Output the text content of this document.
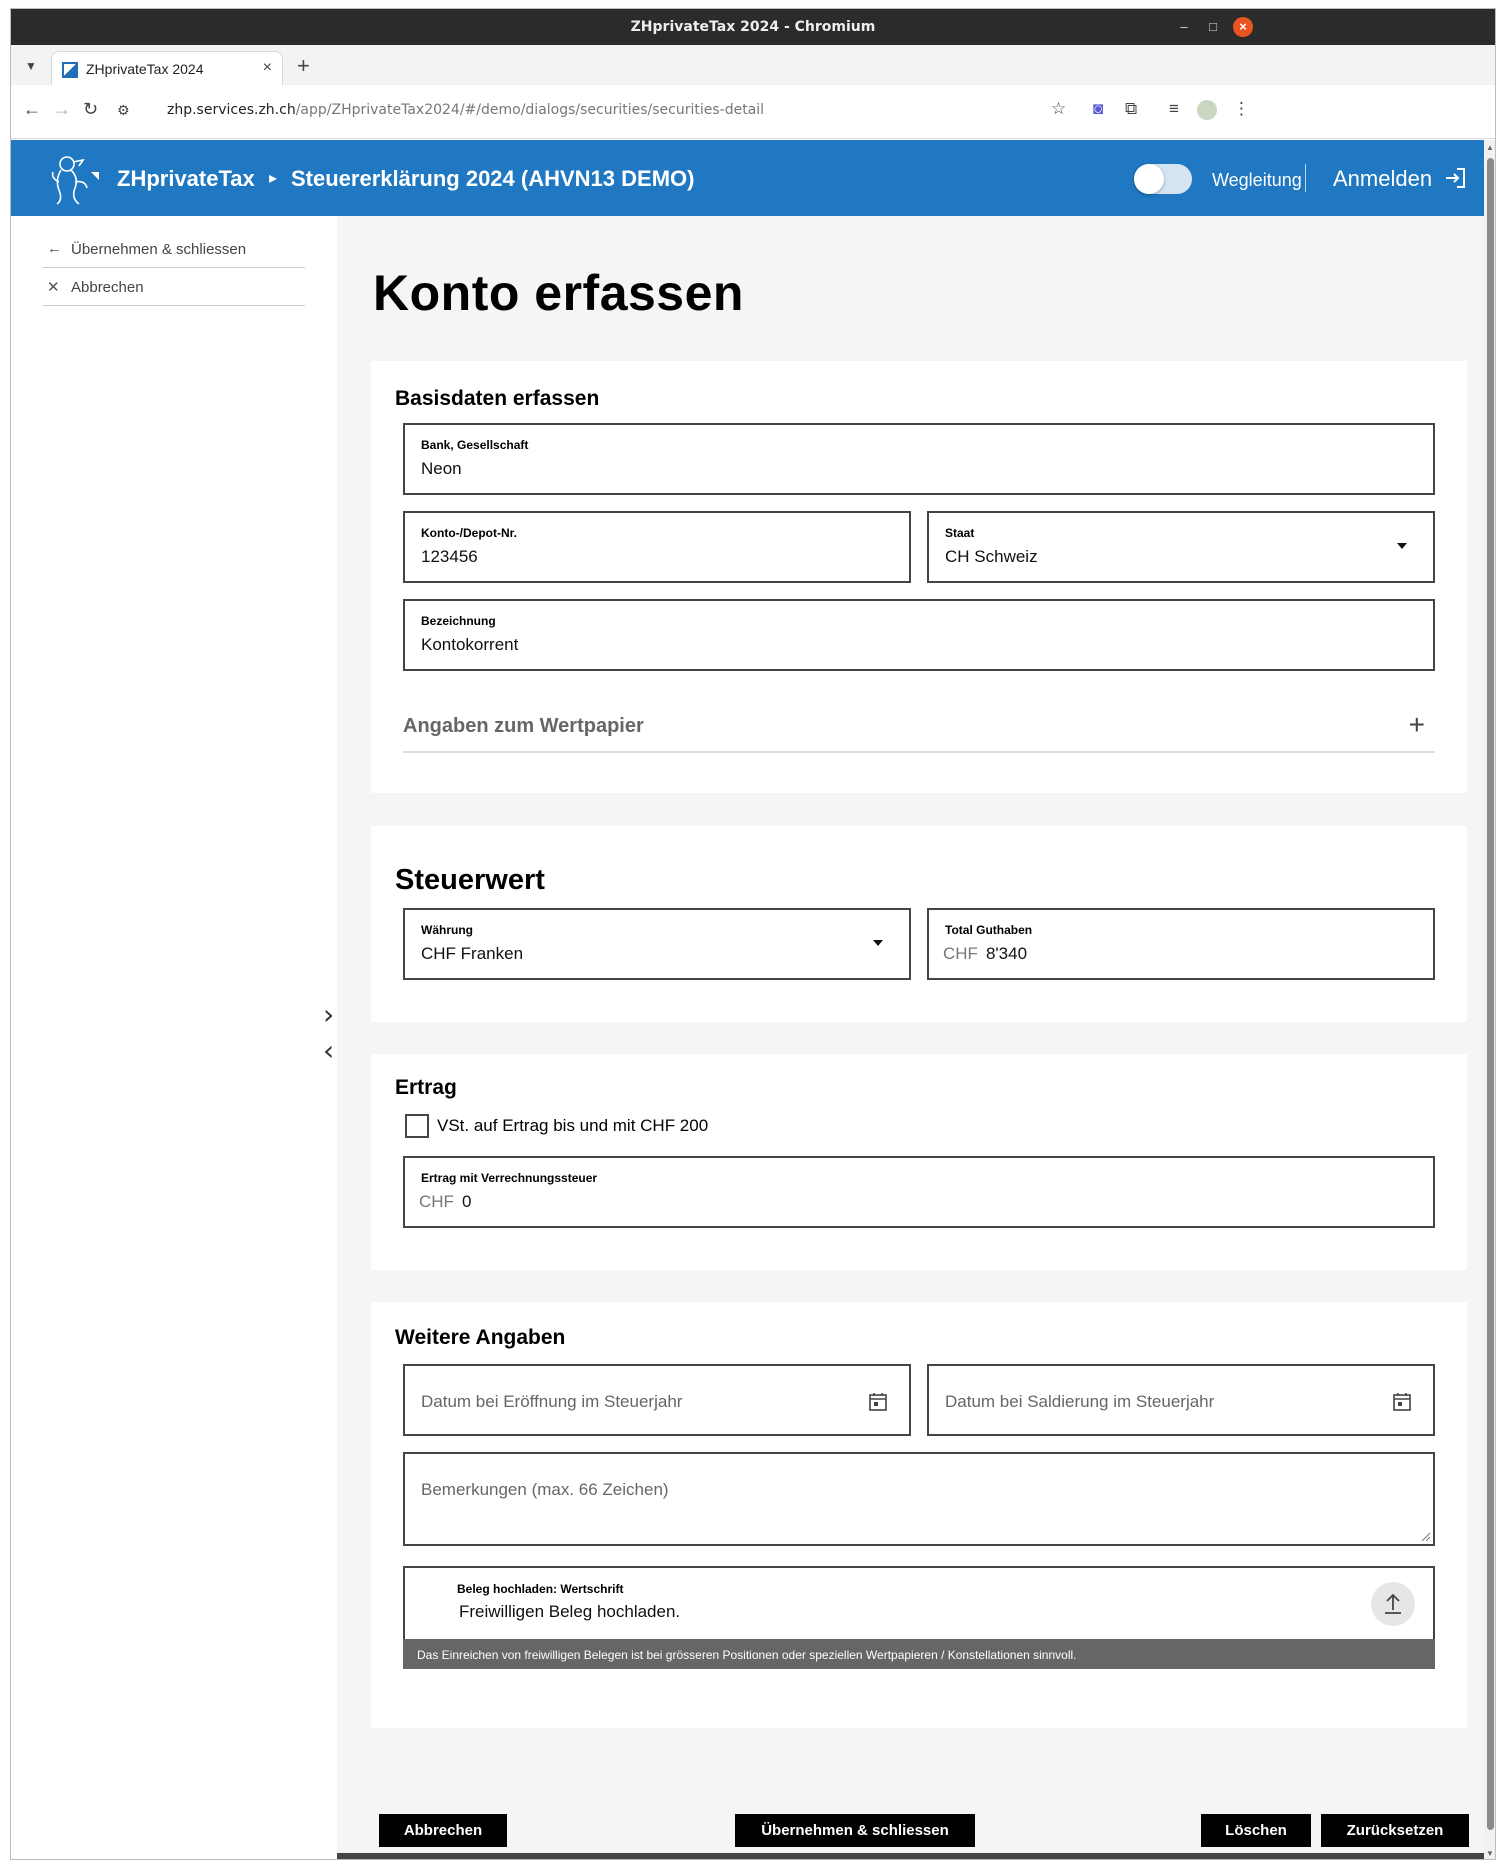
ZHprivateTax 2024 - Chromium	–	□	×
▼	ZHprivateTax 2024	× +
← → ↻ ⚙	zhp.services.zh.ch/app/ZHprivateTax2024/#/demo/dialogs/securities/securities-detail	☆ ◙ ⧉ ≡	⋮
ZHprivateTax ▸ Steuererklärung 2024 (AHVN13 DEMO)	Wegleitung Anmelden
← Übernehmen & schliessen
✕ Abbrechen
›
‹
Konto erfassen
Basisdaten erfassen
Bank, Gesellschaft
Neon
Konto-/Depot-Nr.
123456
Staat
CH Schweiz
Bezeichnung
Kontokorrent
Angaben zum Wertpapier	+
Steuerwert
Währung
CHF Franken
Total Guthaben
CHF 8'340
Ertrag
VSt. auf Ertrag bis und mit CHF 200
Ertrag mit Verrechnungssteuer
CHF 0
Weitere Angaben
Datum bei Eröffnung im Steuerjahr	Datum bei Saldierung im Steuerjahr
Bemerkungen (max. 66 Zeichen)
Beleg hochladen: Wertschrift
Freiwilligen Beleg hochladen.
Das Einreichen von freiwilligen Belegen ist bei grösseren Positionen oder speziellen Wertpapieren / Konstellationen sinnvoll.
Abbrechen	Übernehmen & schliessen	Löschen	Zurücksetzen
▲
▼
